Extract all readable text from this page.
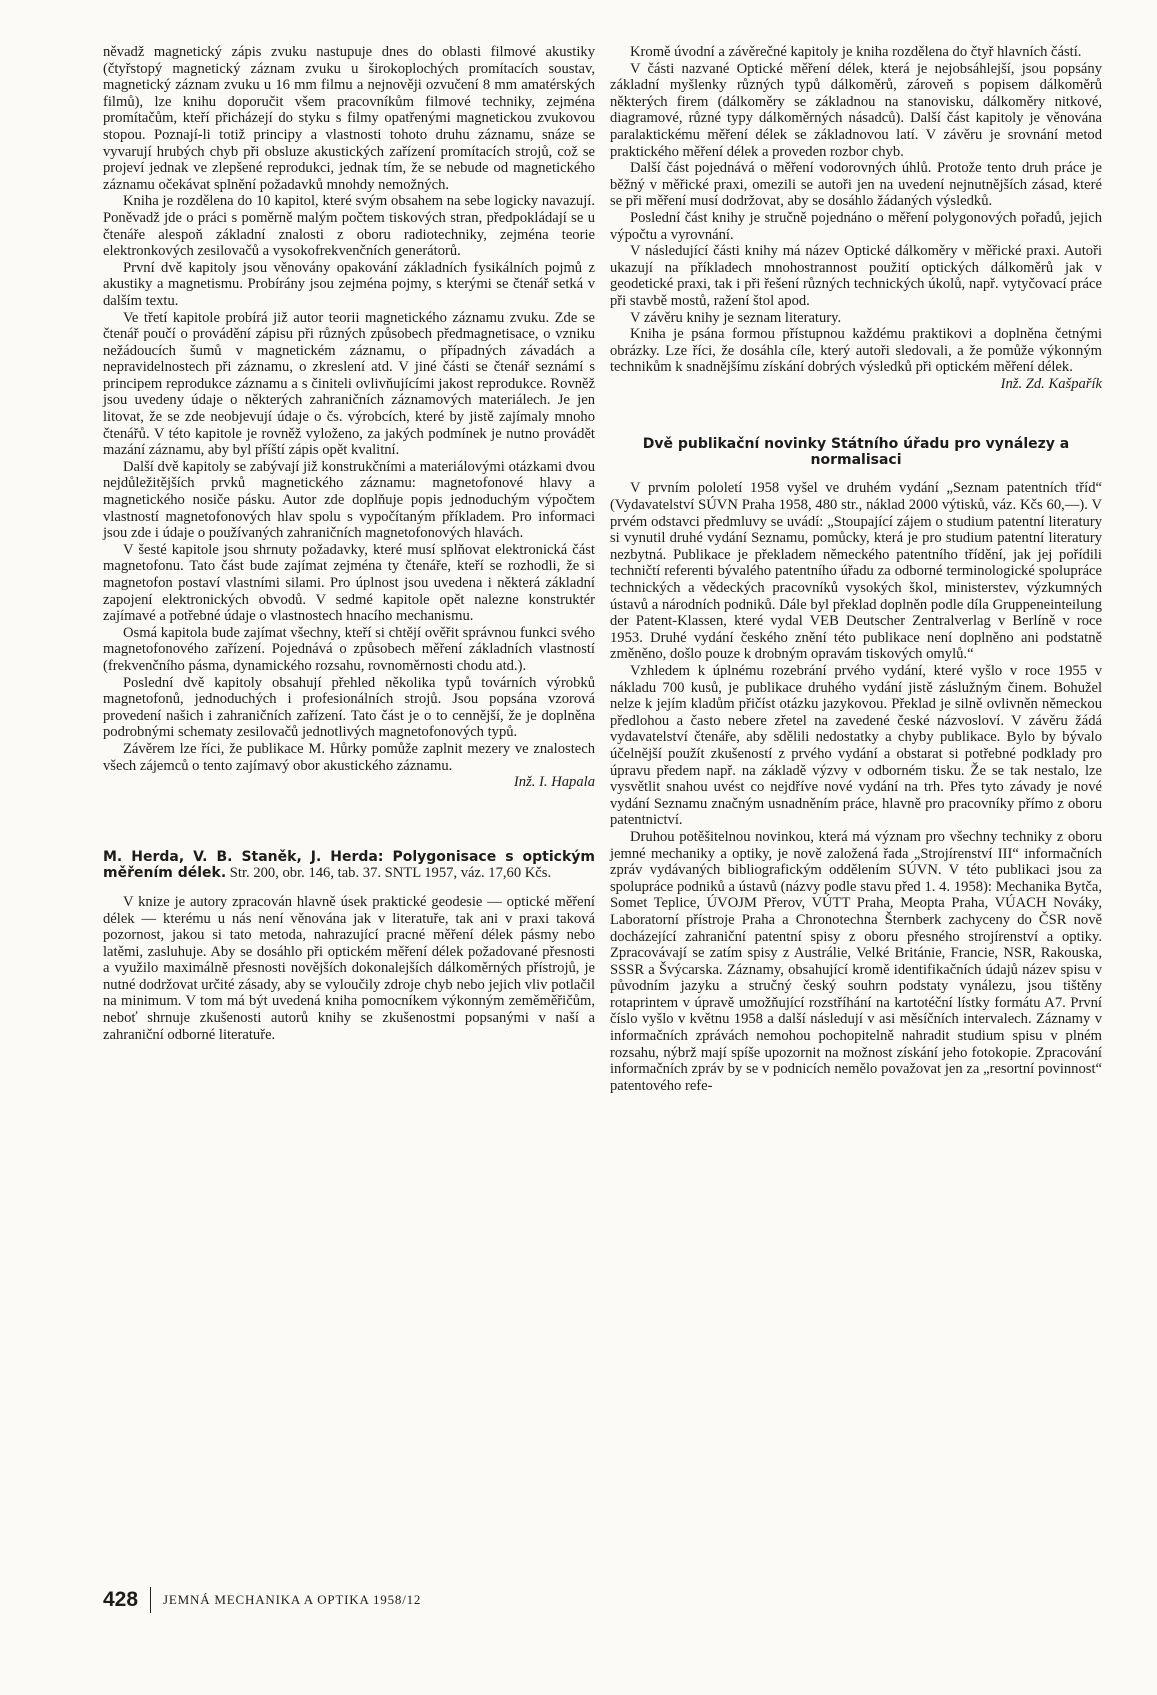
něvadž magnetický zápis zvuku nastupuje dnes do oblasti filmové akustiky (čtyřstopý magnetický záznam zvuku u širokoplochých promítacích soustav, magnetický záznam zvuku u 16 mm filmu a nejnověji ozvučení 8 mm amatérských filmů), lze knihu doporučit všem pracovníkům filmové techniky, zejména promítačům, kteří přicházejí do styku s filmy opatřenými magnetickou zvukovou stopou. Poznají-li totiž principy a vlastnosti tohoto druhu záznamu, snáze se vyvarují hrubých chyb při obsluze akustických zařízení promítacích strojů, což se projeví jednak ve zlepšené reprodukci, jednak tím, že se nebude od magnetického záznamu očekávat splnění požadavků mnohdy nemožných.

Kniha je rozdělena do 10 kapitol, které svým obsahem na sebe logicky navazují. Poněvadž jde o práci s poměrně malým počtem tiskových stran, předpokládají se u čtenáře alespoň základní znalosti z oboru radiotechniky, zejména teorie elektronkových zesilovačů a vysokofrekvenčních generátorů.

První dvě kapitoly jsou věnovány opakování základních fysikálních pojmů z akustiky a magnetismu. Probírány jsou zejména pojmy, s kterými se čtenář setká v dalším textu.

Ve třetí kapitole probírá již autor teorii magnetického záznamu zvuku. Zde se čtenář poučí o provádění zápisu při různých způsobech předmagnetisace, o vzniku nežádoucích šumů v magnetickém záznamu, o případných závadách a nepravidelnostech při záznamu, o zkreslení atd. V jiné části se čtenář seznámí s principem reprodukce záznamu a s činiteli ovlivňujícími jakost reprodukce. Rovněž jsou uvedeny údaje o některých zahraničních záznamových materiálech. Je jen litovat, že se zde neobjevují údaje o čs. výrobcích, které by jistě zajímaly mnoho čtenářů. V této kapitole je rovněž vyloženo, za jakých podmínek je nutno provádět mazání záznamu, aby byl příští zápis opět kvalitní.

Další dvě kapitoly se zabývají již konstrukčními a materiálovými otázkami dvou nejdůležitějších prvků magnetického záznamu: magnetofonové hlavy a magnetického nosiče pásku. Autor zde doplňuje popis jednoduchým výpočtem vlastností magnetofonových hlav spolu s vypočítaným příkladem. Pro informaci jsou zde i údaje o používaných zahraničních magnetofonových hlavách.

V šesté kapitole jsou shrnuty požadavky, které musí splňovat elektronická část magnetofonu. Tato část bude zajímat zejména ty čtenáře, kteří se rozhodli, že si magnetofon postaví vlastními silami. Pro úplnost jsou uvedena i některá základní zapojení elektronických obvodů. V sedmé kapitole opět nalezne konstruktér zajímavé a potřebné údaje o vlastnostech hnacího mechanismu.

Osmá kapitola bude zajímat všechny, kteří si chtějí ověřit správnou funkci svého magnetofonového zařízení. Pojednává o způsobech měření základních vlastností (frekvenčního pásma, dynamického rozsahu, rovnoměrnosti chodu atd.).

Poslední dvě kapitoly obsahují přehled několika typů továrních výrobků magnetofonů, jednoduchých i profesionálních strojů. Jsou popsána vzorová provedení našich i zahraničních zařízení. Tato část je o to cennější, že je doplněna podrobnými schematy zesilovačů jednotlivých magnetofonových typů.

Závěrem lze říci, že publikace M. Hůrky pomůže zaplnit mezery ve znalostech všech zájemců o tento zajímavý obor akustického záznamu.

Inž. I. Hapala
M. Herda, V. B. Staněk, J. Herda: Polygonisace s optickým měřením délek. Str. 200, obr. 146, tab. 37. SNTL 1957, váz. 17,60 Kčs.

V knize je autory zpracován hlavně úsek praktické geodesie — optické měření délek — kterému u nás není věnována jak v literatuře, tak ani v praxi taková pozornost, jakou si tato metoda, nahrazující pracné měření délek pásmy nebo latěmi, zasluhuje. Aby se dosáhlo při optickém měření délek požadované přesnosti a využilo maximálně přesnosti novějších dokonalejších dálkoměrných přístrojů, je nutné dodržovat určité zásady, aby se vyloučily zdroje chyb nebo jejich vliv potlačil na minimum. V tom má být uvedená kniha pomocníkem výkonným zeměměřičům, neboť shrnuje zkušenosti autorů knihy se zkušenostmi popsanými v naší a zahraniční odborné literatuře.

Kromě úvodní a závěrečné kapitoly je kniha rozdělena do čtyř hlavních částí.

V části nazvané Optické měření délek, která je nejobsáhlejší, jsou popsány základní myšlenky různých typů dálkoměrů, zároveň s popisem dálkoměrů některých firem (dálkoměry se základnou na stanovisku, dálkoměry nitkové, diagramové, různé typy dálkoměrných násadců). Další část kapitoly je věnována paralaktickému měření délek se základnovou latí. V závěru je srovnání metod praktického měření délek a proveden rozbor chyb.

Další část pojednává o měření vodorovných úhlů. Protože tento druh práce je běžný v měřické praxi, omezili se autoři jen na uvedení nejnutnějších zásad, které se při měření musí dodržovat, aby se dosáhlo žádaných výsledků.

Poslední část knihy je stručně pojednáno o měření polygonových pořadů, jejich výpočtu a vyrovnání.

V následující části knihy má název Optické dálkoměry v měřické praxi. Autoři ukazují na příkladech mnohostrannost použití optických dálkoměrů jak v geodetické praxi, tak i při řešení různých technických úkolů, např. vytyčovací práce při stavbě mostů, ražení štol apod.

V závěru knihy je seznam literatury.

Kniha je psána formou přístupnou každému praktikovi a doplněna četnými obrázky. Lze říci, že dosáhla cíle, který autoři sledovali, a že pomůže výkonným technikům k snadnějšímu získání dobrých výsledků při optickém měření délek.

Inž. Zd. Kašpařík
Dvě publikační novinky Státního úřadu pro vynálezy a normalisaci

V prvním pololetí 1958 vyšel ve druhém vydání „Seznam patentních tříd“ (Vydavatelství SÚVN Praha 1958, 480 str., náklad 2000 výtisků, váz. Kčs 60,—). V prvém odstavci předmluvy se uvádí: „Stoupající zájem o studium patentní literatury si vynutil druhé vydání Seznamu, pomůcky, která je pro studium patentní literatury nezbytná. Publikace je překladem německého patentního třídění, jak jej pořídili techničtí referenti bývalého patentního úřadu za odborné terminologické spolupráce technických a vědeckých pracovníků vysokých škol, ministerstev, výzkumných ústavů a národních podniků. Dále byl překlad doplněn podle díla Gruppeneinteilung der Patent-Klassen, které vydal VEB Deutscher Zentralverlag v Berlíně v roce 1953. Druhé vydání českého znění této publikace není doplněno ani podstatně změněno, došlo pouze k drobným opravám tiskových omylů.“

Vzhledem k úplnému rozebrání prvého vydání, které vyšlo v roce 1955 v nákladu 700 kusů, je publikace druhého vydání jistě záslužným činem. Bohužel nelze k jejím kladům přičíst otázku jazykovou. Překlad je silně ovlivněn německou předlohou a často nebere zřetel na zavedené české názvosloví. V závěru žádá vydavatelství čtenáře, aby sdělili nedostatky a chyby publikace. Bylo by bývalo účelnější použít zkušeností z prvého vydání a obstarat si potřebné podklady pro úpravu předem např. na základě výzvy v odborném tisku. Že se tak nestalo, lze vysvětlit snahou uvést co nejdříve nové vydání na trh. Přes tyto závady je nové vydání Seznamu značným usnadněním práce, hlavně pro pracovníky přímo z oboru patentnictví.

Druhou potěšitelnou novinkou, která má význam pro všechny techniky z oboru jemné mechaniky a optiky, je nově založená řada „Strojírenství III“ informačních zpráv vydávaných bibliografickým oddělením SÚVN. V této publikaci jsou za spolupráce podniků a ústavů (názvy podle stavu před 1. 4. 1958): Mechanika Bytča, Somet Teplice, ÚVOJM Přerov, VÚTT Praha, Meopta Praha, VÚACH Nováky, Laboratorní přístroje Praha a Chronotechna Šternberk zachyceny do ČSR nově docházející zahraniční patentní spisy z oboru přesného strojírenství a optiky. Zpracovávají se zatím spisy z Austrálie, Velké Británie, Francie, NSR, Rakouska, SSSR a Švýcarska. Záznamy, obsahující kromě identifikačních údajů název spisu v původním jazyku a stručný český souhrn podstaty vynálezu, jsou tištěny rotaprintem v úpravě umožňující rozstříhání na kartotéční lístky formátu A7. První číslo vyšlo v květnu 1958 a další následují v asi měsíčních intervalech. Záznamy v informačních zprávách nemohou pochopitelně nahradit studium spisu v plném rozsahu, nýbrž mají spíše upozornit na možnost získání jeho fotokopie. Zpracování informačních zpráv by se v podnicích nemělo považovat jen za „resortní povinnost“ patentového refe-

428 JEMNÁ MECHANIKA A OPTIKA 1958/12
